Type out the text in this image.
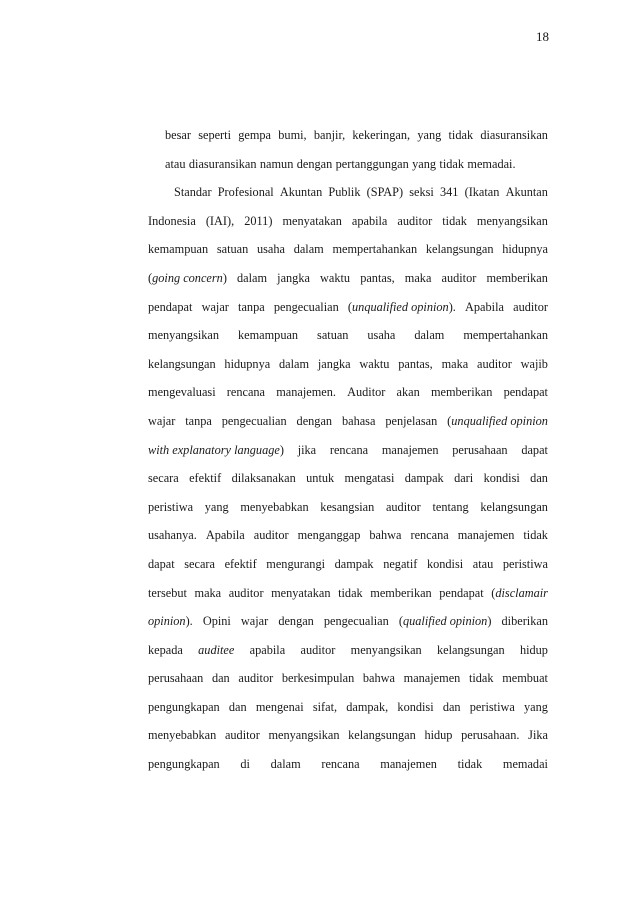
18
besar seperti gempa bumi, banjir, kekeringan, yang tidak diasuransikan
atau diasuransikan namun dengan pertanggungan yang tidak memadai.
Standar Profesional Akuntan Publik (SPAP) seksi 341 (Ikatan Akuntan
Indonesia (IAI), 2011) menyatakan apabila auditor tidak menyangsikan
kemampuan satuan usaha dalam mempertahankan kelangsungan hidupnya
(going concern) dalam jangka waktu pantas, maka auditor memberikan
pendapat wajar tanpa pengecualian (unqualified opinion). Apabila auditor
menyangsikan kemampuan satuan usaha dalam mempertahankan
kelangsungan hidupnya dalam jangka waktu pantas, maka auditor wajib
mengevaluasi rencana manajemen. Auditor akan memberikan pendapat
wajar tanpa pengecualian dengan bahasa penjelasan (unqualified opinion
with explanatory language) jika rencana manajemen perusahaan dapat
secara efektif dilaksanakan untuk mengatasi dampak dari kondisi dan
peristiwa yang menyebabkan kesangsian auditor tentang kelangsungan
usahanya. Apabila auditor menganggap bahwa rencana manajemen tidak
dapat secara efektif mengurangi dampak negatif kondisi atau peristiwa
tersebut maka auditor menyatakan tidak memberikan pendapat (disclamair
opinion). Opini wajar dengan pengecualian (qualified opinion) diberikan
kepada auditee apabila auditor menyangsikan kelangsungan hidup
perusahaan dan auditor berkesimpulan bahwa manajemen tidak membuat
pengungkapan dan mengenai sifat, dampak, kondisi dan peristiwa yang
menyebabkan auditor menyangsikan kelangsungan hidup perusahaan. Jika
pengungkapan di dalam rencana manajemen tidak memadai
